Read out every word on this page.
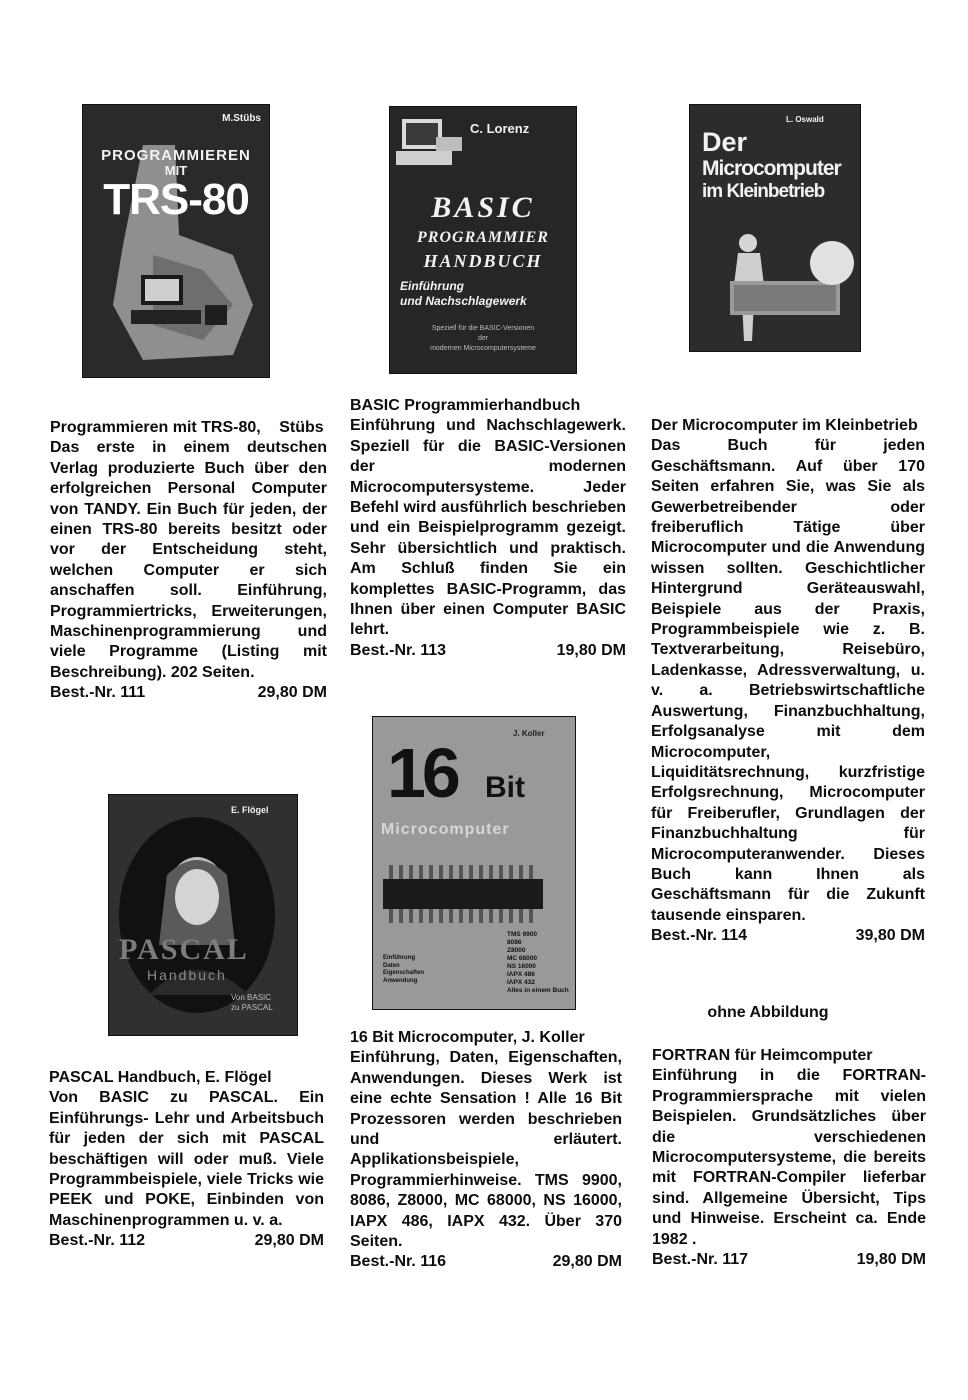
M.Stübs
PROGRAMMIEREN
MIT
TRS-80
C. Lorenz
BASIC
PROGRAMMIER
HANDBUCH
Einführung
und Nachschlagewerk
Speziell für die BASIC-Versionen
der
modernen Microcomputersysteme
L. Oswald
Der
Microcomputer
im Kleinbetrieb
E. Flögel
PASCAL
Handbuch
Von BASIC
zu PASCAL
J. Koller
16 Bit
Microcomputer
TMS 9900
8086
Z8000
MC 68000
NS 16000
IAPX 486
IAPX 432
Alles in einem Buch
Einführung
Daten
Eigenschaften
Anwendung
Programmieren mit TRS-80, Stübs

Das erste in einem deutschen Verlag produzierte Buch über den erfolgreichen Personal Computer von TANDY. Ein Buch für jeden, der einen TRS-80 bereits besitzt oder vor der Entscheidung steht, welchen Computer er sich anschaffen soll. Einführung, Programmiertricks, Erweiterungen, Maschinenprogrammierung und viele Programme (Listing mit Beschreibung). 202 Seiten.

Best.-Nr. 111	29,80 DM
BASIC Programmierhandbuch

Einführung und Nachschlagewerk. Speziell für die BASIC-Versionen der modernen Microcomputersysteme. Jeder Befehl wird ausführlich beschrieben und ein Beispielprogramm gezeigt. Sehr übersichtlich und praktisch. Am Schluß finden Sie ein komplettes BASIC-Programm, das Ihnen über einen Computer BASIC lehrt.

Best.-Nr. 113	19,80 DM
Der Microcomputer im Kleinbetrieb

Das Buch für jeden Geschäftsmann. Auf über 170 Seiten erfahren Sie, was Sie als Gewerbetreibender oder freiberuflich Tätige über Microcomputer und die Anwendung wissen sollten. Geschichtlicher Hintergrund Geräteauswahl, Beispiele aus der Praxis, Programmbeispiele wie z. B. Textverarbeitung, Reisebüro, Ladenkasse, Adressverwaltung, u. v. a. Betriebswirtschaftliche Auswertung, Finanzbuchhaltung, Erfolgsanalyse mit dem Microcomputer, Liquiditätsrechnung, kurzfristige Erfolgsrechnung, Microcomputer für Freiberufler, Grundlagen der Finanzbuchhaltung für Microcomputeranwender. Dieses Buch kann Ihnen als Geschäftsmann für die Zukunft tausende einsparen.

Best.-Nr. 114	39,80 DM
PASCAL Handbuch, E. Flögel

Von BASIC zu PASCAL. Ein Einführungs- Lehr und Arbeitsbuch für jeden der sich mit PASCAL beschäftigen will oder muß. Viele Programmbeispiele, viele Tricks wie PEEK und POKE, Einbinden von Maschinenprogrammen u. v. a.

Best.-Nr. 112	29,80 DM
16 Bit Microcomputer, J. Koller

Einführung, Daten, Eigenschaften, Anwendungen. Dieses Werk ist eine echte Sensation ! Alle 16 Bit Prozessoren werden beschrieben und erläutert. Applikationsbeispiele, Programmierhinweise. TMS 9900, 8086, Z8000, MC 68000, NS 16000, IAPX 486, IAPX 432. Über 370 Seiten.

Best.-Nr. 116	29,80 DM
ohne Abbildung
FORTRAN für Heimcomputer

Einführung in die FORTRAN-Programmiersprache mit vielen Beispielen. Grundsätzliches über die verschiedenen Microcomputersysteme, die bereits mit FORTRAN-Compiler lieferbar sind. Allgemeine Übersicht, Tips und Hinweise. Erscheint ca. Ende 1982 .

Best.-Nr. 117	19,80 DM
